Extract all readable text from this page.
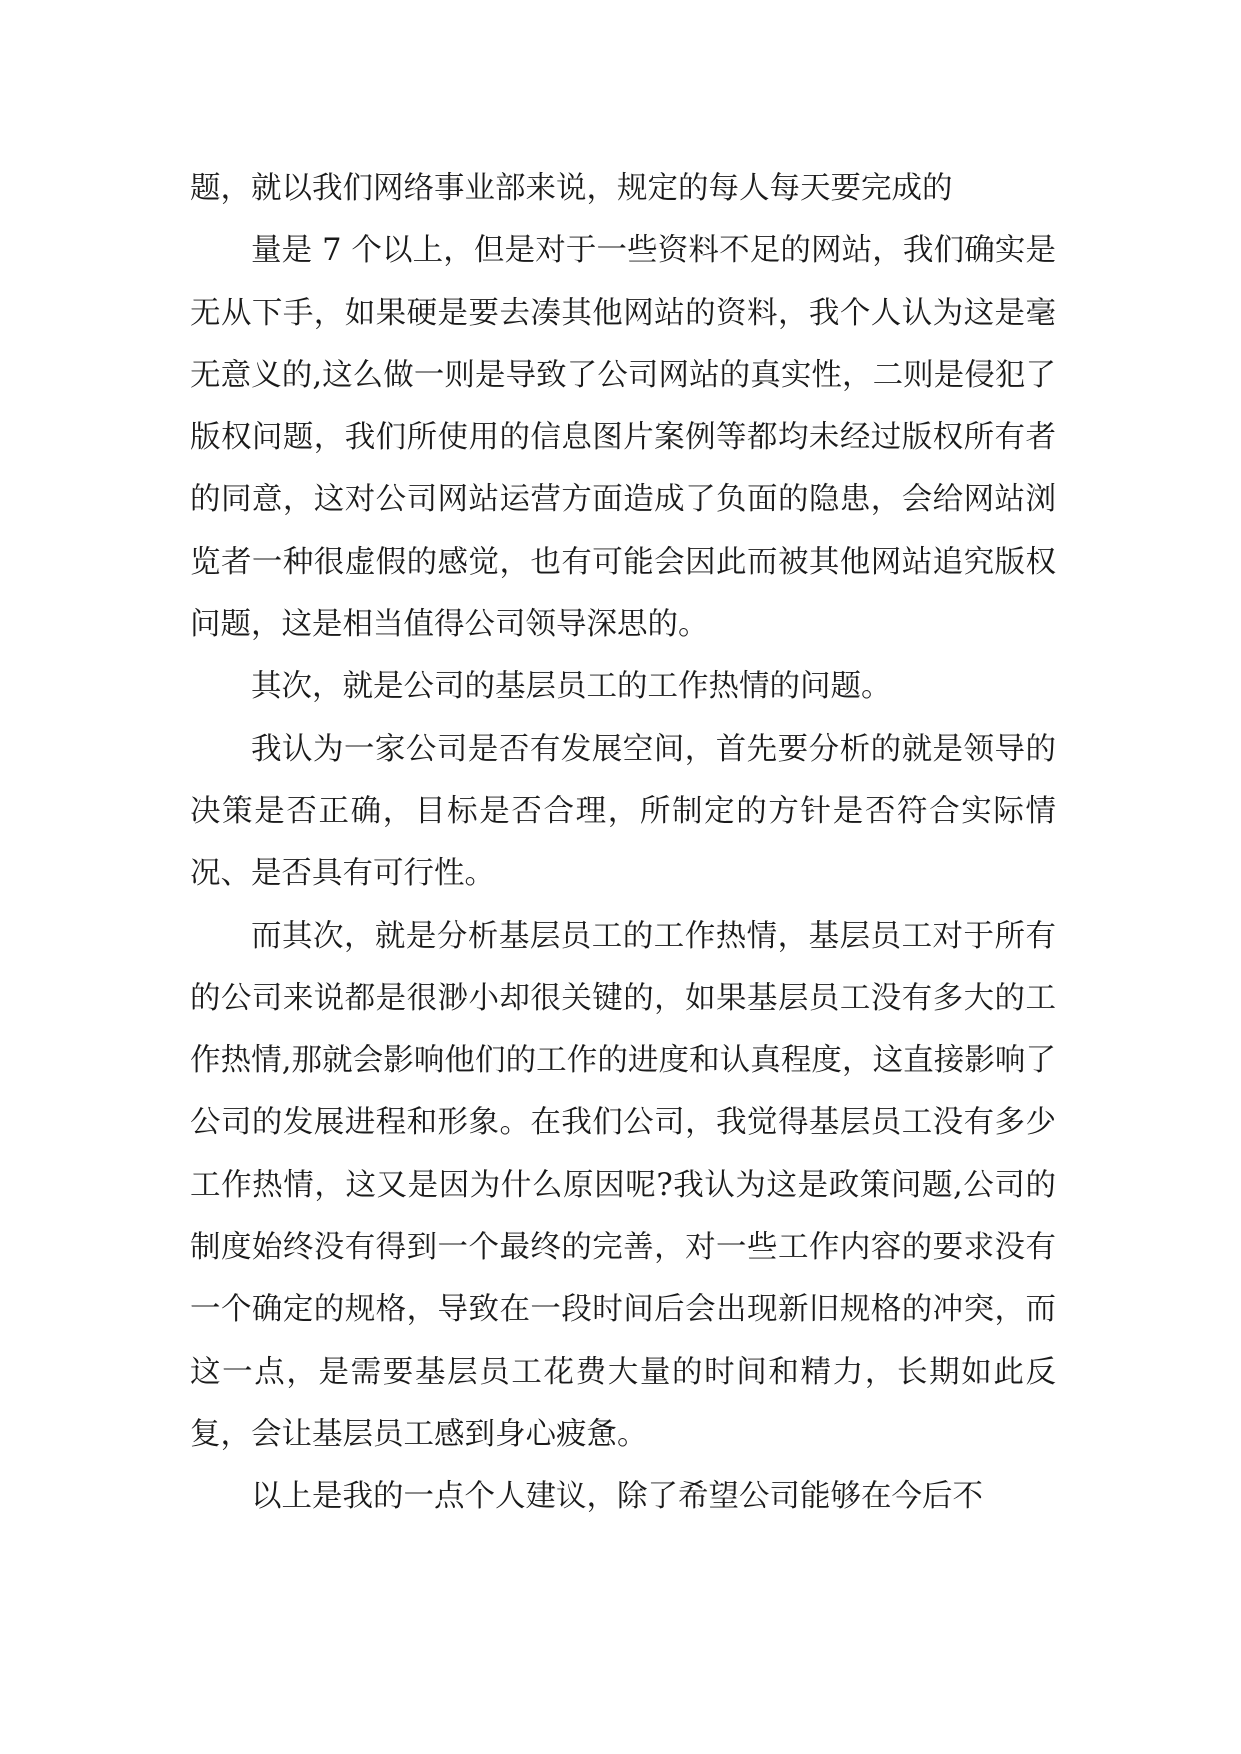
题，就以我们网络事业部来说，规定的每人每天要完成的

量是 7 个以上，但是对于一些资料不足的网站，我们确实是无从下手，如果硬是要去凑其他网站的资料，我个人认为这是毫无意义的,这么做一则是导致了公司网站的真实性，二则是侵犯了版权问题，我们所使用的信息图片案例等都均未经过版权所有者的同意，这对公司网站运营方面造成了负面的隐患，会给网站浏览者一种很虚假的感觉，也有可能会因此而被其他网站追究版权问题，这是相当值得公司领导深思的。

其次，就是公司的基层员工的工作热情的问题。

我认为一家公司是否有发展空间，首先要分析的就是领导的决策是否正确，目标是否合理，所制定的方针是否符合实际情况、是否具有可行性。

而其次，就是分析基层员工的工作热情，基层员工对于所有的公司来说都是很渺小却很关键的，如果基层员工没有多大的工作热情,那就会影响他们的工作的进度和认真程度，这直接影响了公司的发展进程和形象。在我们公司，我觉得基层员工没有多少工作热情，这又是因为什么原因呢?我认为这是政策问题,公司的制度始终没有得到一个最终的完善，对一些工作内容的要求没有一个确定的规格，导致在一段时间后会出现新旧规格的冲突，而这一点，是需要基层员工花费大量的时间和精力，长期如此反复，会让基层员工感到身心疲惫。

以上是我的一点个人建议，除了希望公司能够在今后不
